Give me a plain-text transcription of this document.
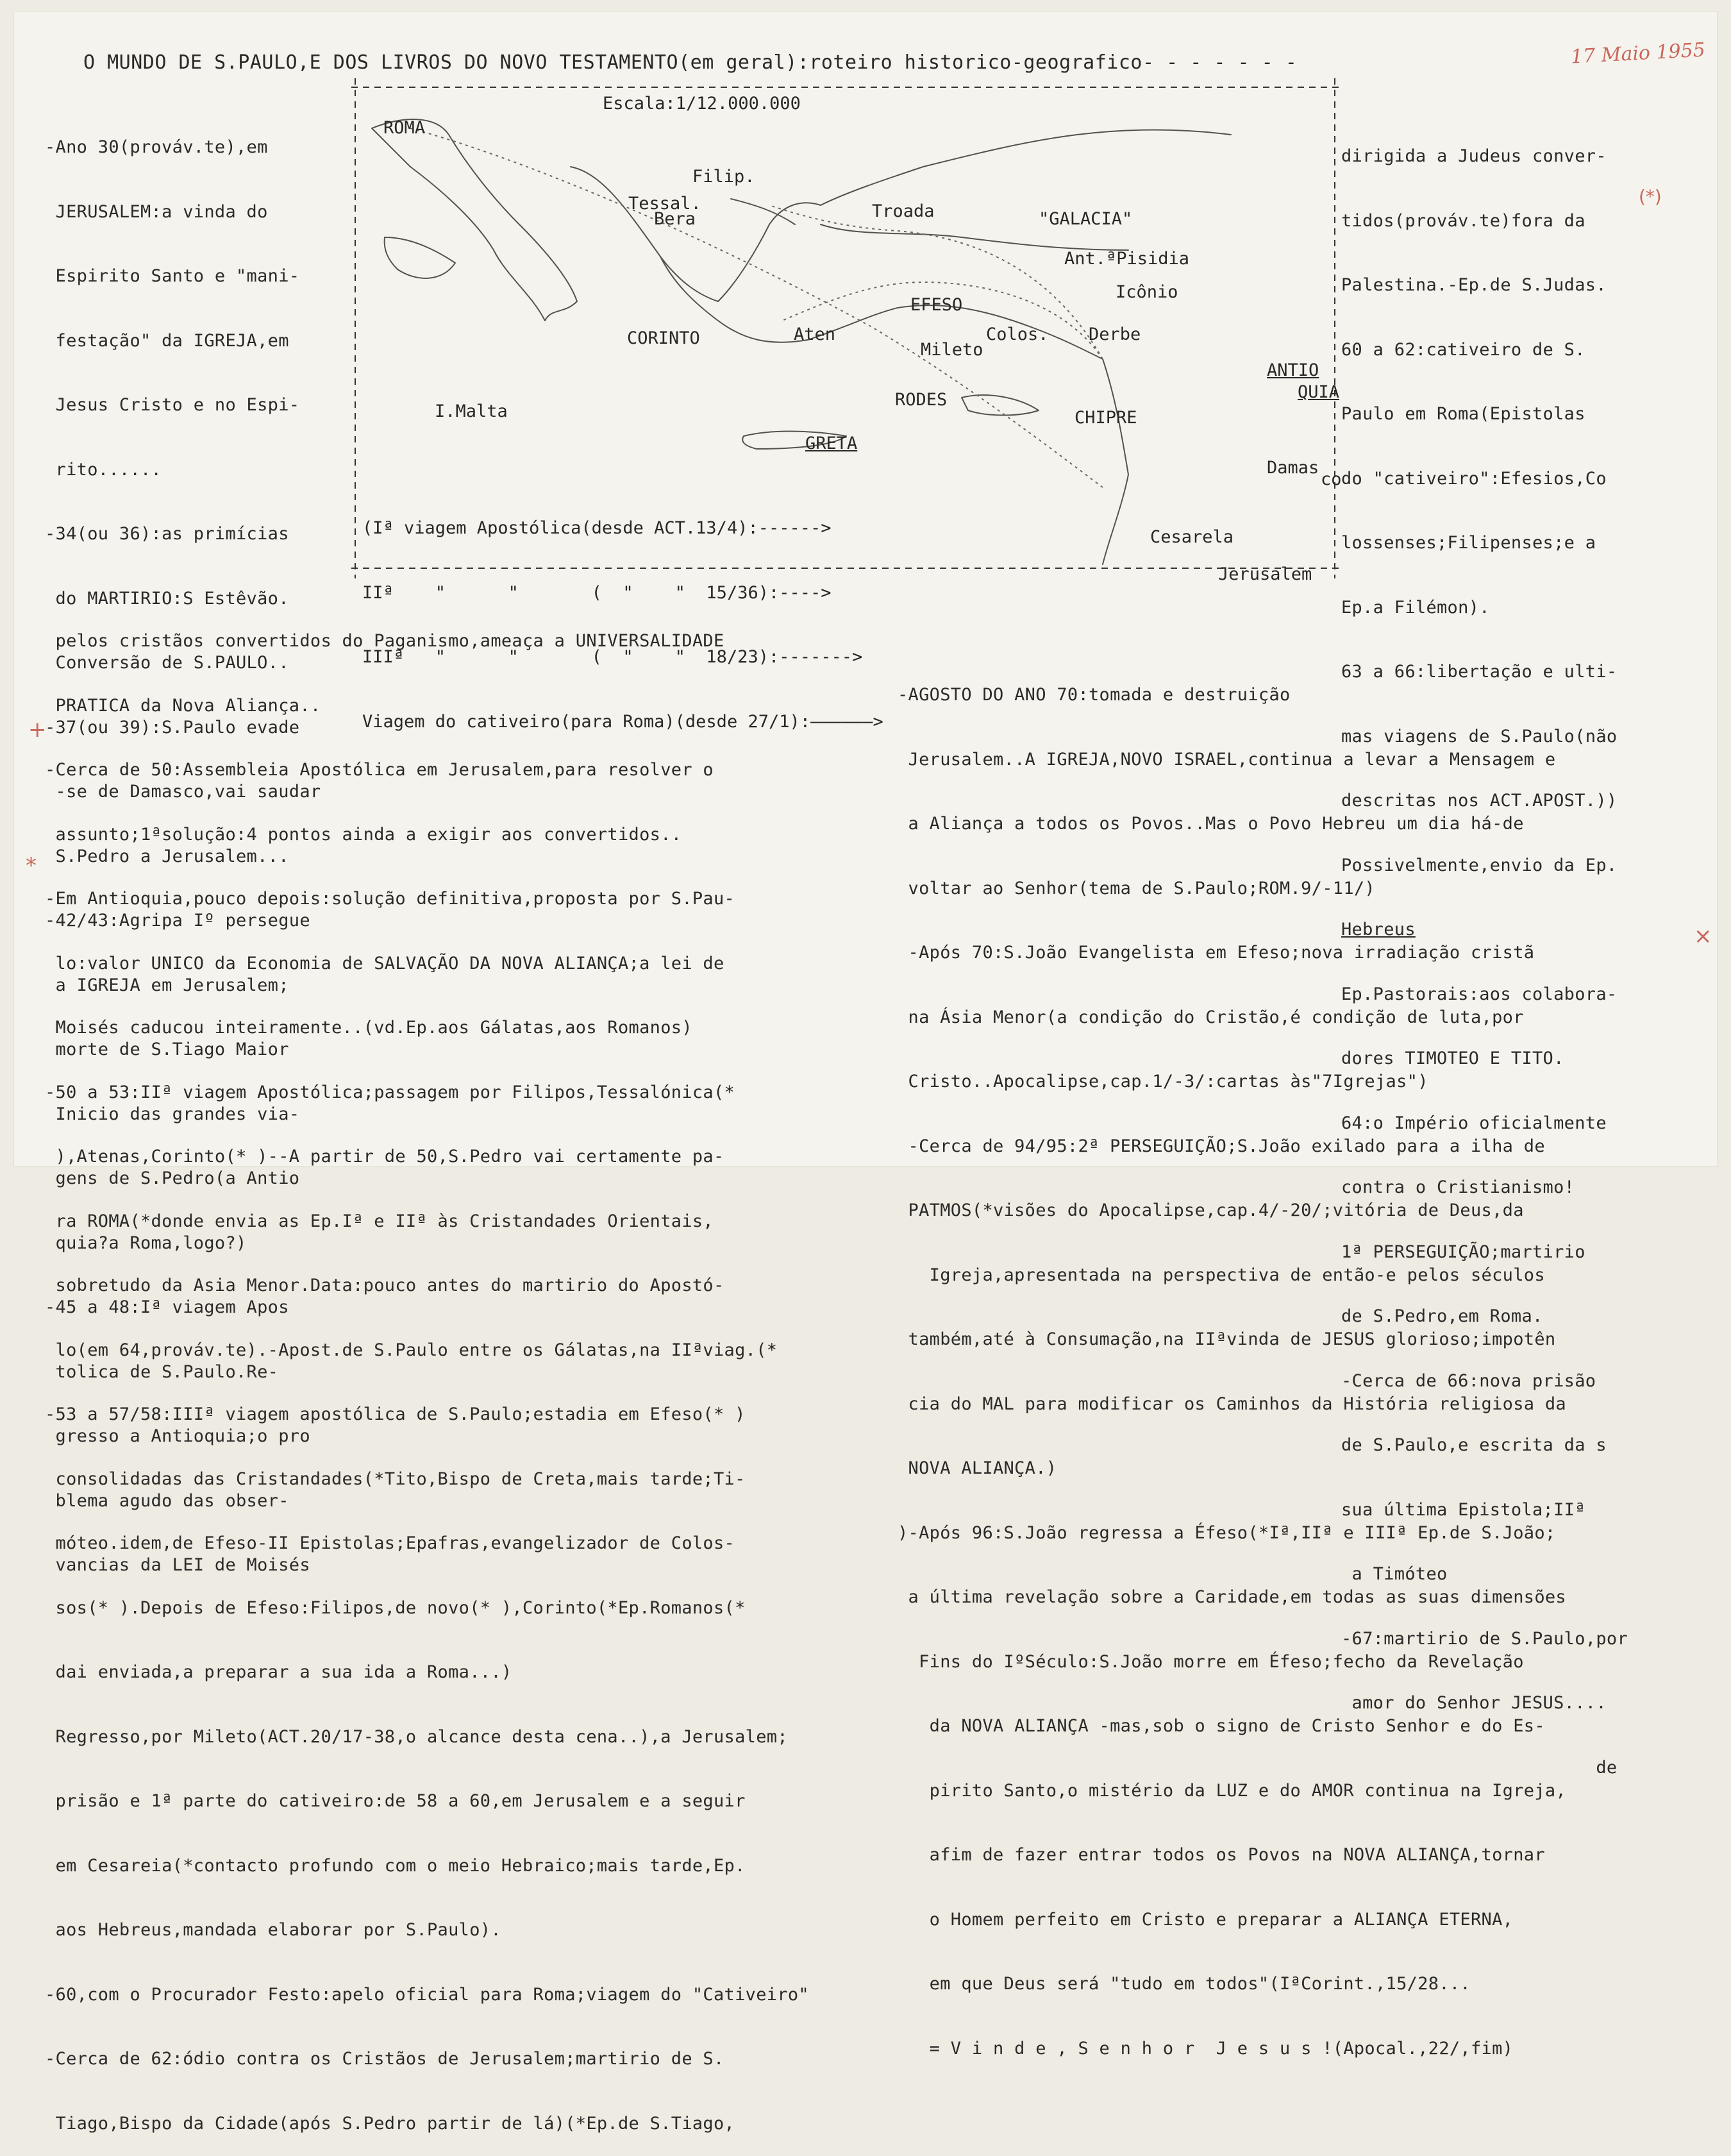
O MUNDO DE S.PAULO,E DOS LIVROS DO NOVO TESTAMENTO(em geral):roteiro historico-geografico- - - - - - -	17 Maio 1955
+
*
×
(*)
Escala:1/12.000.000
ROMA
Filip.
Tessal.
Bera	Troada	"GALACIA"
Ant.ªPisidia
Icônio
EFESO
CORINTO	Aten	Colos. Derbe
Mileto
RODES
ANTIO
QUIA
I.Malta	CHIPRE
GRETA
Damas
co
Cesarela
Jerusalem

(Iª viagem Apostólica(desde ACT.13/4):------>

IIª    "      "       (  "    "  15/36):---->

IIIª   "      "       (  "    "  18/23):------->

Viagem do cativeiro(para Roma)(desde 27/1):——————>

-Ano 30(prováv.te),em

JERUSALEM:a vinda do

Espirito Santo e "mani-

festação" da IGREJA,em

Jesus Cristo e no Espi-

rito......

-34(ou 36):as primícias

do MARTIRIO:S Estêvão.

Conversão de S.PAULO..

-37(ou 39):S.Paulo evade

-se de Damasco,vai saudar

S.Pedro a Jerusalem...

-42/43:Agripa Iº persegue

a IGREJA em Jerusalem;

morte de S.Tiago Maior

Inicio das grandes via-

gens de S.Pedro(a Antio

quia?a Roma,logo?)

-45 a 48:Iª viagem Apos

tolica de S.Paulo.Re-

gresso a Antioquia;o pro

blema agudo das obser-

vancias da LEI de Moisés

dirigida a Judeus conver-

tidos(prováv.te)fora da

Palestina.-Ep.de S.Judas.

60 a 62:cativeiro de S.

Paulo em Roma(Epistolas

do "cativeiro":Efesios,Co

lossenses;Filipenses;e a

Ep.a Filémon).

63 a 66:libertação e ulti-

mas viagens de S.Paulo(não

descritas nos ACT.APOST.))

Possivelmente,envio da Ep.

Hebreus

Ep.Pastorais:aos colabora-

dores TIMOTEO E TITO.

64:o Império oficialmente

contra o Cristianismo!

1ª PERSEGUIÇÃO;martirio

de S.Pedro,em Roma.

-Cerca de 66:nova prisão

de S.Paulo,e escrita da s

sua última Epistola;IIª

a Timóteo

-67:martirio de S.Paulo,por

amor do Senhor JESUS....

de

pelos cristãos convertidos do Paganismo,ameaça a UNIVERSALIDADE

PRATICA da Nova Aliança..

-Cerca de 50:Assembleia Apostólica em Jerusalem,para resolver o

assunto;1ªsolução:4 pontos ainda a exigir aos convertidos..

-Em Antioquia,pouco depois:solução definitiva,proposta por S.Pau-

lo:valor UNICO da Economia de SALVAÇÃO DA NOVA ALIANÇA;a lei de

Moisés caducou inteiramente..(vd.Ep.aos Gálatas,aos Romanos)

-50 a 53:IIª viagem Apostólica;passagem por Filipos,Tessalónica(*

),Atenas,Corinto(* )--A partir de 50,S.Pedro vai certamente pa-

ra ROMA(*donde envia as Ep.Iª e IIª às Cristandades Orientais,

sobretudo da Asia Menor.Data:pouco antes do martirio do Apostó-

lo(em 64,prováv.te).-Apost.de S.Paulo entre os Gálatas,na IIªviag.(*

-53 a 57/58:IIIª viagem apostólica de S.Paulo;estadia em Efeso(* )

consolidadas das Cristandades(*Tito,Bispo de Creta,mais tarde;Ti-

móteo.idem,de Efeso-II Epistolas;Epafras,evangelizador de Colos-

sos(* ).Depois de Efeso:Filipos,de novo(* ),Corinto(*Ep.Romanos(*

dai enviada,a preparar a sua ida a Roma...)

Regresso,por Mileto(ACT.20/17-38,o alcance desta cena..),a Jerusalem;

prisão e 1ª parte do cativeiro:de 58 a 60,em Jerusalem e a seguir

em Cesareia(*contacto profundo com o meio Hebraico;mais tarde,Ep.

aos Hebreus,mandada elaborar por S.Paulo).

-60,com o Procurador Festo:apelo oficial para Roma;viagem do "Cativeiro"

-Cerca de 62:ódio contra os Cristãos de Jerusalem;martirio de S.

Tiago,Bispo da Cidade(após S.Pedro partir de lá)(*Ep.de S.Tiago,

-AGOSTO DO ANO 70:tomada e destruição

Jerusalem..A IGREJA,NOVO ISRAEL,continua a levar a Mensagem e

a Aliança a todos os Povos..Mas o Povo Hebreu um dia há-de

voltar ao Senhor(tema de S.Paulo;ROM.9/-11/)

-Após 70:S.João Evangelista em Efeso;nova irradiação cristã

na Ásia Menor(a condição do Cristão,é condição de luta,por

Cristo..Apocalipse,cap.1/-3/:cartas às"7Igrejas")

-Cerca de 94/95:2ª PERSEGUIÇÃO;S.João exilado para a ilha de

PATMOS(*visões do Apocalipse,cap.4/-20/;vitória de Deus,da

Igreja,apresentada na perspectiva de então-e pelos séculos

também,até à Consumação,na IIªvinda de JESUS glorioso;impotên

cia do MAL para modificar os Caminhos da História religiosa da

NOVA ALIANÇA.)

)-Após 96:S.João regressa a Éfeso(*Iª,IIª e IIIª Ep.de S.João;

a última revelação sobre a Caridade,em todas as suas dimensões

Fins do IºSéculo:S.João morre em Éfeso;fecho da Revelação

da NOVA ALIANÇA -mas,sob o signo de Cristo Senhor e do Es-

pirito Santo,o mistério da LUZ e do AMOR continua na Igreja,

afim de fazer entrar todos os Povos na NOVA ALIANÇA,tornar

o Homem perfeito em Cristo e preparar a ALIANÇA ETERNA,

em que Deus será "tudo em todos"(IªCorint.,15/28...

= V i n d e , S e n h o r  J e s u s !(Apocal.,22/,fim)
